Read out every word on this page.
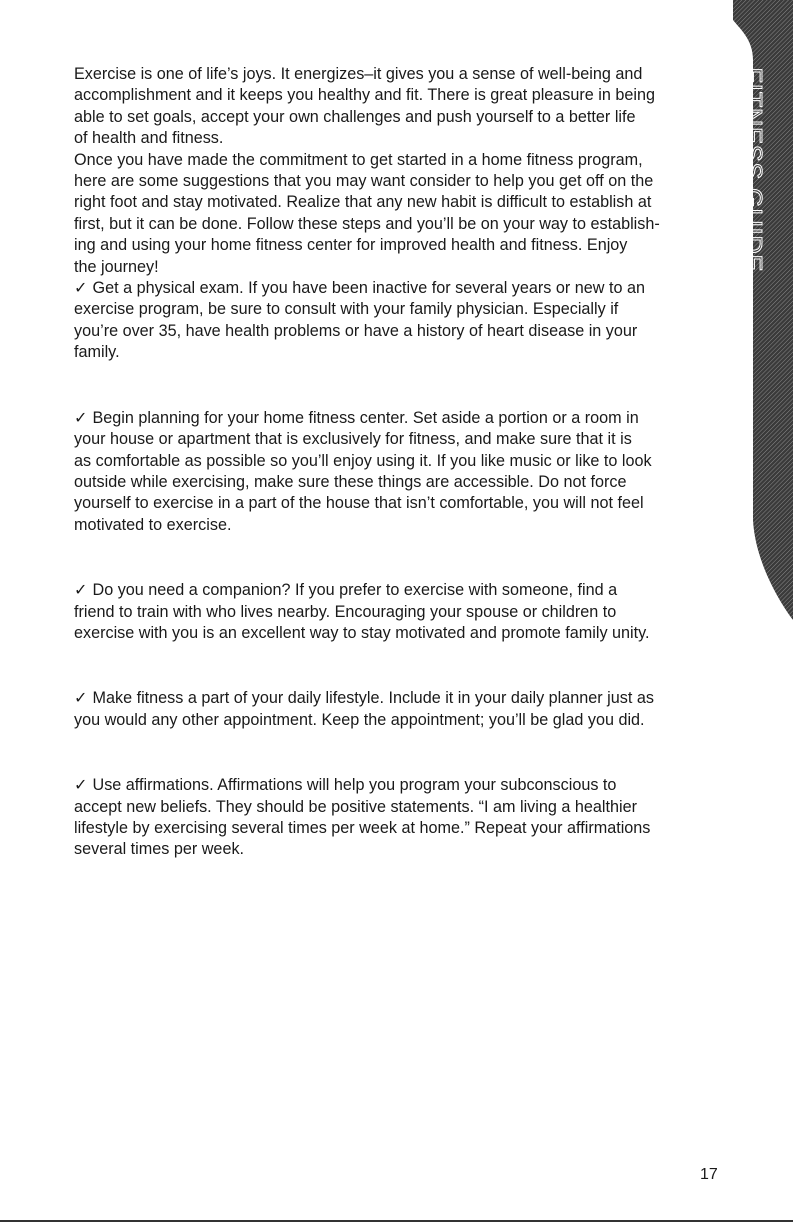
FITNESS GUIDE

Exercise is one of life’s joys. It energizes–it gives you a sense of well-being and
accomplishment and it keeps you healthy and fit. There is great pleasure in being
able to set goals, accept your own challenges and push yourself to a better life
of health and fitness.

Once you have made the commitment to get started in a home fitness program,
here are some suggestions that you may want consider to help you get off on the
right foot and stay motivated. Realize that any new habit is difficult to establish at
first, but it can be done. Follow these steps and you’ll be on your way to establish-
ing and using your home fitness center for improved health and fitness. Enjoy
the journey!

✓ Get a physical exam. If you have been inactive for several years or new to an
exercise program, be sure to consult with your family physician. Especially if
you’re over 35, have health problems or have a history of heart disease in your
family.

✓ Begin planning for your home fitness center. Set aside a portion or a room in
your house or apartment that is exclusively for fitness, and make sure that it is
as comfortable as possible so you’ll enjoy using it. If you like music or like to look
outside while exercising, make sure these things are accessible. Do not force
yourself to exercise in a part of the house that isn’t comfortable, you will not feel
motivated to exercise.

✓ Do you need a companion? If you prefer to exercise with someone, find a
friend to train with who lives nearby. Encouraging your spouse or children to
exercise with you is an excellent way to stay motivated and promote family unity.

✓ Make fitness a part of your daily lifestyle. Include it in your daily planner just as
you would any other appointment. Keep the appointment; you’ll be glad you did.

✓ Use affirmations. Affirmations will help you program your subconscious to
accept new beliefs. They should be positive statements. “I am living a healthier
lifestyle by exercising several times per week at home.” Repeat your affirmations
several times per week.

17
